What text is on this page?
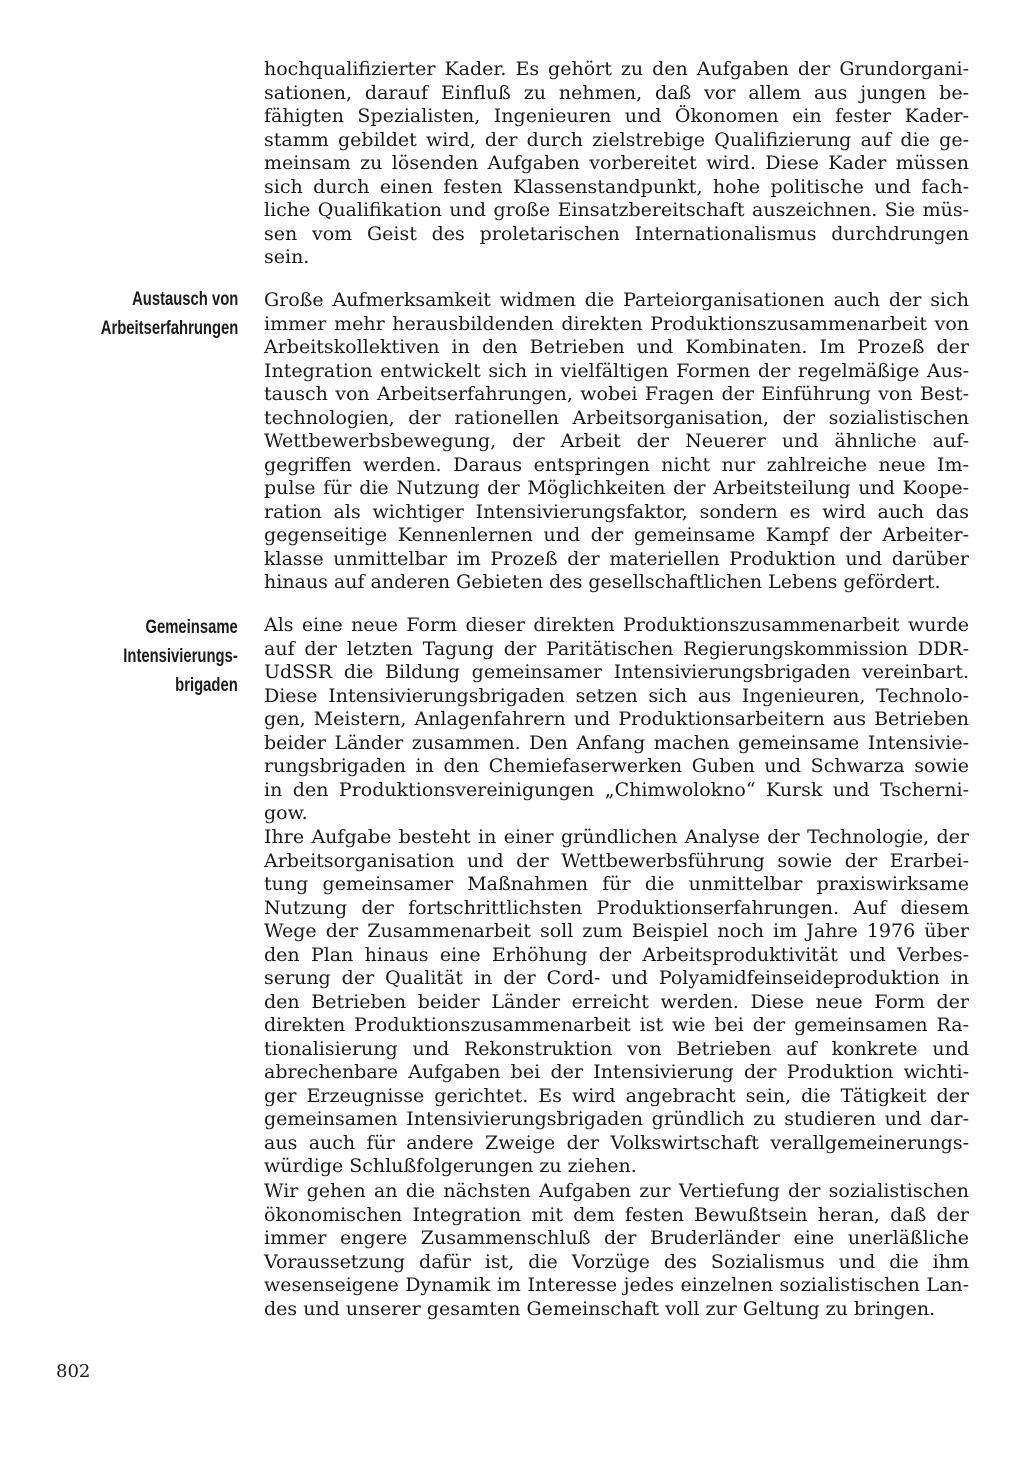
hochqualifizierter Kader. Es gehört zu den Aufgaben der Grundorgani-
sationen, darauf Einfluß zu nehmen, daß vor allem aus jungen be-
fähigten Spezialisten, Ingenieuren und Ökonomen ein fester Kader-
stamm gebildet wird, der durch zielstrebige Qualifizierung auf die ge-
meinsam zu lösenden Aufgaben vorbereitet wird. Diese Kader müssen
sich durch einen festen Klassenstandpunkt, hohe politische und fach-
liche Qualifikation und große Einsatzbereitschaft auszeichnen. Sie müs-
sen vom Geist des proletarischen Internationalismus durchdrungen
sein.
Austausch von
Arbeitserfahrungen
Große Aufmerksamkeit widmen die Parteiorganisationen auch der sich
immer mehr herausbildenden direkten Produktionszusammenarbeit von
Arbeitskollektiven in den Betrieben und Kombinaten. Im Prozeß der
Integration entwickelt sich in vielfältigen Formen der regelmäßige Aus-
tausch von Arbeitserfahrungen, wobei Fragen der Einführung von Best-
technologien, der rationellen Arbeitsorganisation, der sozialistischen
Wettbewerbsbewegung, der Arbeit der Neuerer und ähnliche auf-
gegriffen werden. Daraus entspringen nicht nur zahlreiche neue Im-
pulse für die Nutzung der Möglichkeiten der Arbeitsteilung und Koope-
ration als wichtiger Intensivierungsfaktor, sondern es wird auch das
gegenseitige Kennenlernen und der gemeinsame Kampf der Arbeiter-
klasse unmittelbar im Prozeß der materiellen Produktion und darüber
hinaus auf anderen Gebieten des gesellschaftlichen Lebens gefördert.
Gemeinsame
Intensivierungs-
brigaden
Als eine neue Form dieser direkten Produktionszusammenarbeit wurde
auf der letzten Tagung der Paritätischen Regierungskommission DDR-
UdSSR die Bildung gemeinsamer Intensivierungsbrigaden vereinbart.
Diese Intensivierungsbrigaden setzen sich aus Ingenieuren, Technolo-
gen, Meistern, Anlagenfahrern und Produktionsarbeitern aus Betrieben
beider Länder zusammen. Den Anfang machen gemeinsame Intensivie-
rungsbrigaden in den Chemiefaserwerken Guben und Schwarza sowie
in den Produktionsvereinigungen „Chimwolokno“ Kursk und Tscherni-
gow.
Ihre Aufgabe besteht in einer gründlichen Analyse der Technologie, der
Arbeitsorganisation und der Wettbewerbsführung sowie der Erarbei-
tung gemeinsamer Maßnahmen für die unmittelbar praxiswirksame
Nutzung der fortschrittlichsten Produktionserfahrungen. Auf diesem
Wege der Zusammenarbeit soll zum Beispiel noch im Jahre 1976 über
den Plan hinaus eine Erhöhung der Arbeitsproduktivität und Verbes-
serung der Qualität in der Cord- und Polyamidfeinseideproduktion in
den Betrieben beider Länder erreicht werden. Diese neue Form der
direkten Produktionszusammenarbeit ist wie bei der gemeinsamen Ra-
tionalisierung und Rekonstruktion von Betrieben auf konkrete und
abrechenbare Aufgaben bei der Intensivierung der Produktion wichti-
ger Erzeugnisse gerichtet. Es wird angebracht sein, die Tätigkeit der
gemeinsamen Intensivierungsbrigaden gründlich zu studieren und dar-
aus auch für andere Zweige der Volkswirtschaft verallgemeinerungs-
würdige Schlußfolgerungen zu ziehen.
Wir gehen an die nächsten Aufgaben zur Vertiefung der sozialistischen
ökonomischen Integration mit dem festen Bewußtsein heran, daß der
immer engere Zusammenschluß der Bruderländer eine unerläßliche
Voraussetzung dafür ist, die Vorzüge des Sozialismus und die ihm
wesenseigene Dynamik im Interesse jedes einzelnen sozialistischen Lan-
des und unserer gesamten Gemeinschaft voll zur Geltung zu bringen.
802
